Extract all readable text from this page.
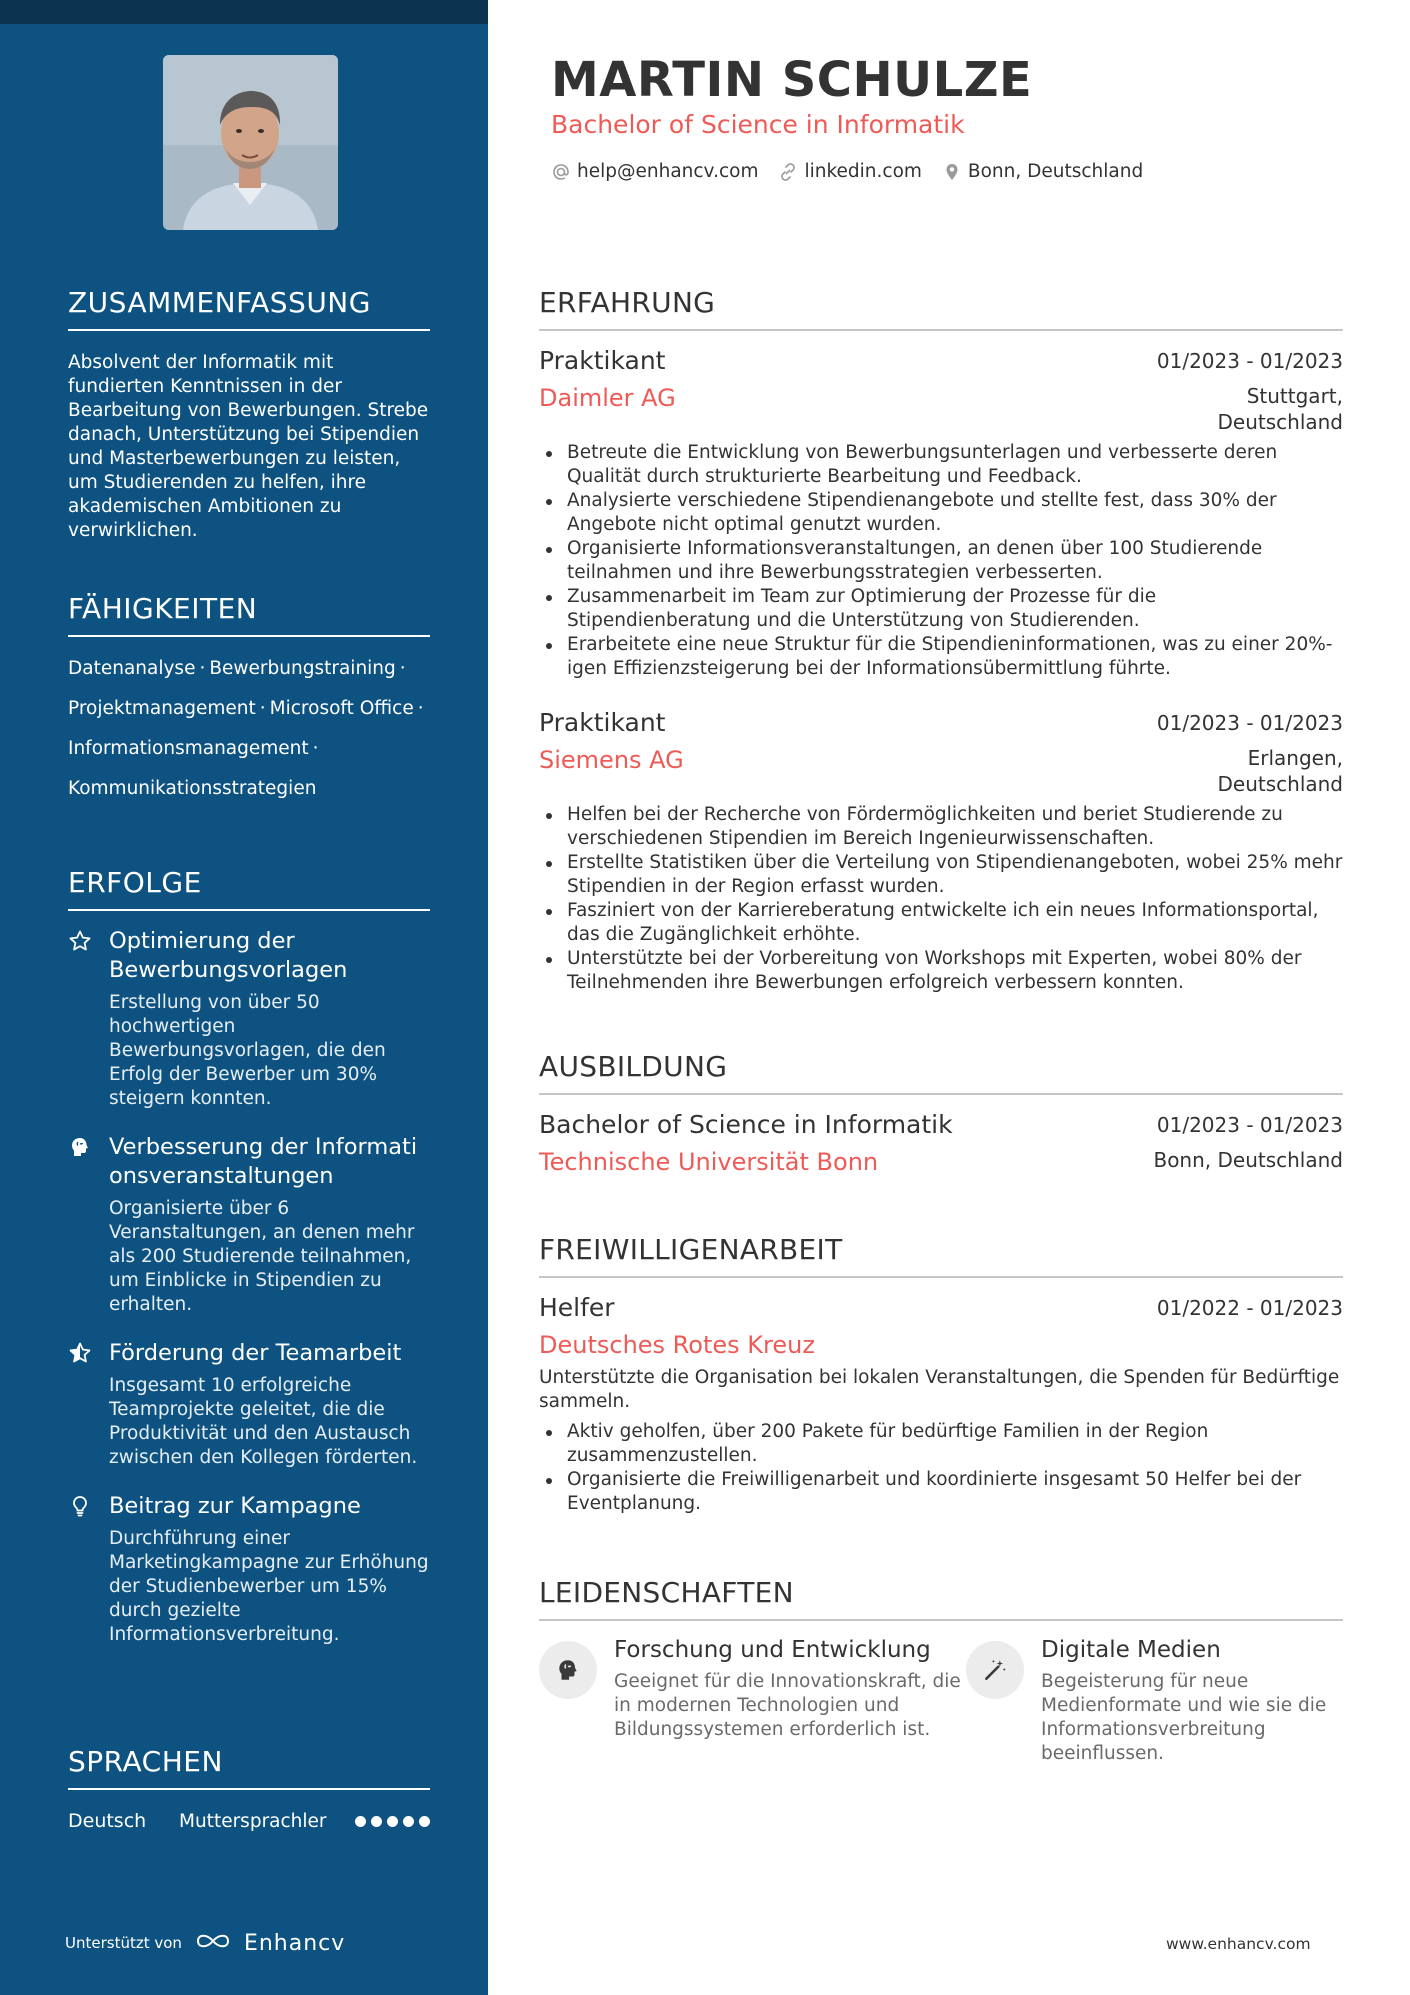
ZUSAMMENFASSUNG

Absolvent der Informatik mit fundierten Kenntnissen in der Bearbeitung von Bewerbungen. Strebe danach, Unterstützung bei Stipendien und Masterbewerbungen zu leisten, um Studierenden zu helfen, ihre akademischen Ambitionen zu verwirklichen.

FÄHIGKEITEN
Datenanalyse · Bewerbungstraining ·
Projektmanagement · Microsoft Office ·
Informationsmanagement ·
Kommunikationsstrategien
ERFOLGE
Optimierung der Bewerbungsvorlagen
Erstellung von über 50 hochwertigen Bewerbungsvorlagen, die den Erfolg der Bewerber um 30% steigern konnten.
Verbesserung der Informationsveranstaltungen
Organisierte über 6 Veranstaltungen, an denen mehr als 200 Studierende teilnahmen, um Einblicke in Stipendien zu erhalten.
Förderung der Teamarbeit
Insgesamt 10 erfolgreiche Teamprojekte geleitet, die die Produktivität und den Austausch zwischen den Kollegen förderten.
Beitrag zur Kampagne
Durchführung einer Marketingkampagne zur Erhöhung der Studienbewerber um 15% durch gezielte Informationsverbreitung.
SPRACHEN
Deutsch	Muttersprachler
Unterstützt von	Enhancv
MARTIN SCHULZE
Bachelor of Science in Informatik
help@enhancv.com linkedin.com Bonn, Deutschland
ERFAHRUNG
Praktikant	01/2023 - 01/2023
Daimler AG	Stuttgart,
Deutschland
Betreute die Entwicklung von Bewerbungsunterlagen und verbesserte deren Qualität durch strukturierte Bearbeitung und Feedback.
Analysierte verschiedene Stipendienangebote und stellte fest, dass 30% der Angebote nicht optimal genutzt wurden.
Organisierte Informationsveranstaltungen, an denen über 100 Studierende teilnahmen und ihre Bewerbungsstrategien verbesserten.
Zusammenarbeit im Team zur Optimierung der Prozesse für die Stipendienberatung und die Unterstützung von Studierenden.
Erarbeitete eine neue Struktur für die Stipendieninformationen, was zu einer 20%-igen Effizienzsteigerung bei der Informationsübermittlung führte.
Praktikant	01/2023 - 01/2023
Siemens AG	Erlangen,
Deutschland
Helfen bei der Recherche von Fördermöglichkeiten und beriet Studierende zu verschiedenen Stipendien im Bereich Ingenieurwissenschaften.
Erstellte Statistiken über die Verteilung von Stipendienangeboten, wobei 25% mehr Stipendien in der Region erfasst wurden.
Fasziniert von der Karriereberatung entwickelte ich ein neues Informationsportal, das die Zugänglichkeit erhöhte.
Unterstützte bei der Vorbereitung von Workshops mit Experten, wobei 80% der Teilnehmenden ihre Bewerbungen erfolgreich verbessern konnten.
AUSBILDUNG
Bachelor of Science in Informatik	01/2023 - 01/2023
Technische Universität Bonn	Bonn, Deutschland
FREIWILLIGENARBEIT
Helfer	01/2022 - 01/2023
Deutsches Rotes Kreuz

Unterstützte die Organisation bei lokalen Veranstaltungen, die Spenden für Bedürftige sammeln.

Aktiv geholfen, über 200 Pakete für bedürftige Familien in der Region zusammenzustellen.
Organisierte die Freiwilligenarbeit und koordinierte insgesamt 50 Helfer bei der Eventplanung.
LEIDENSCHAFTEN
Forschung und Entwicklung
Geeignet für die Innovationskraft, die in modernen Technologien und Bildungssystemen erforderlich ist.
Digitale Medien
Begeisterung für neue Medienformate und wie sie die Informationsverbreitung beeinflussen.
www.enhancv.com
